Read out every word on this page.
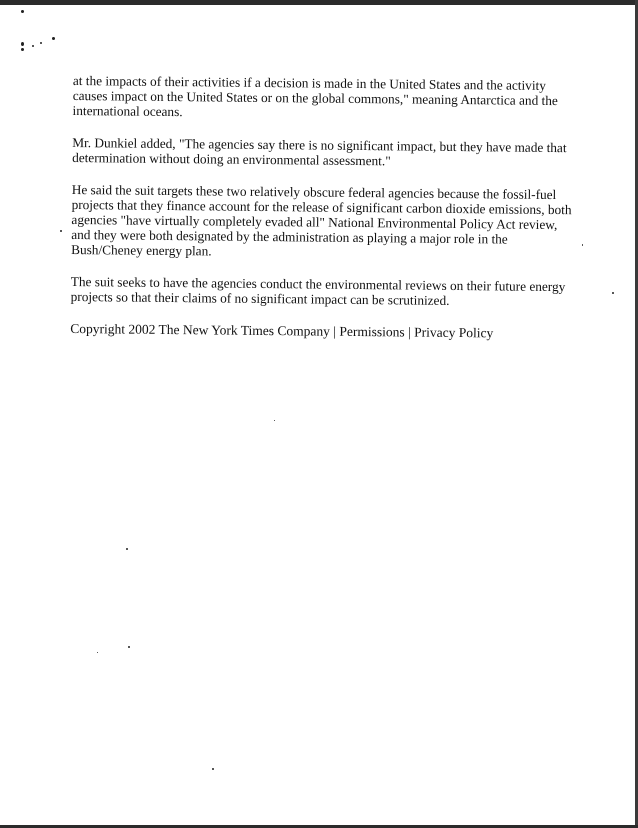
at the impacts of their activities if a decision is made in the United States and the activity causes impact on the United States or on the global commons," meaning Antarctica and the international oceans.

Mr. Dunkiel added, "The agencies say there is no significant impact, but they have made that determination without doing an environmental assessment."

He said the suit targets these two relatively obscure federal agencies because the fossil-fuel projects that they finance account for the release of significant carbon dioxide emissions, both agencies "have virtually completely evaded all" National Environmental Policy Act review, and they were both designated by the administration as playing a major role in the Bush/Cheney energy plan.

The suit seeks to have the agencies conduct the environmental reviews on their future energy projects so that their claims of no significant impact can be scrutinized.

Copyright 2002 The New York Times Company | Permissions | Privacy Policy
